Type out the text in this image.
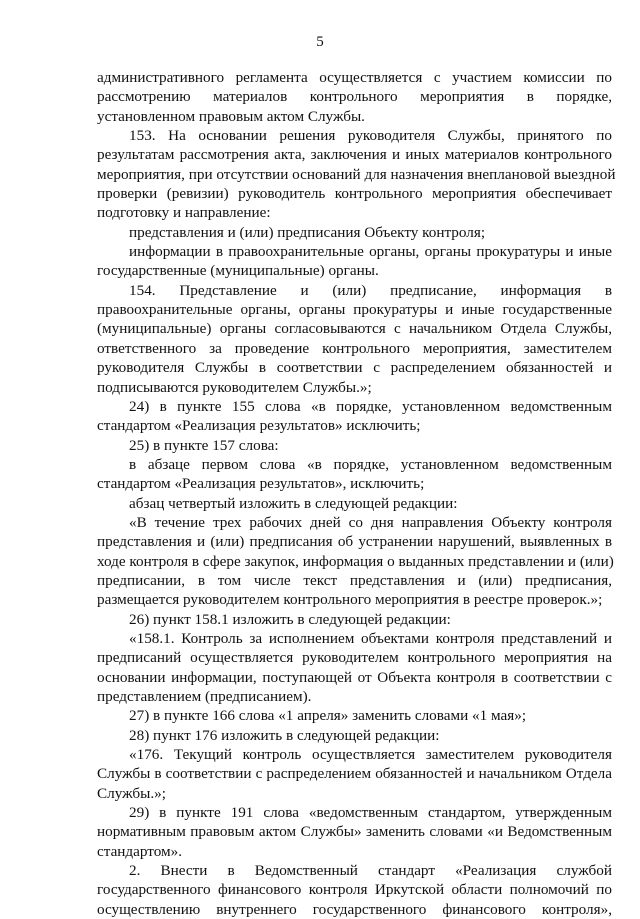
5
административного регламента осуществляется с участием комиссии по
рассмотрению материалов контрольного мероприятия в порядке,
установленном правовым актом Службы.
153. На основании решения руководителя Службы, принятого по
результатам рассмотрения акта, заключения и иных материалов контрольного
мероприятия, при отсутствии оснований для назначения внеплановой выездной
проверки (ревизии) руководитель контрольного мероприятия обеспечивает
подготовку и направление:
представления и (или) предписания Объекту контроля;
информации в правоохранительные органы, органы прокуратуры и иные
государственные (муниципальные) органы.
154. Представление и (или) предписание, информация в
правоохранительные органы, органы прокуратуры и иные государственные
(муниципальные) органы согласовываются с начальником Отдела Службы,
ответственного за проведение контрольного мероприятия, заместителем
руководителя Службы в соответствии с распределением обязанностей и
подписываются руководителем Службы.»;
24) в пункте 155 слова «в порядке, установленном ведомственным
стандартом «Реализация результатов» исключить;
25) в пункте 157 слова:
в абзаце первом слова «в порядке, установленном ведомственным
стандартом «Реализация результатов», исключить;
абзац четвертый изложить в следующей редакции:
«В течение трех рабочих дней со дня направления Объекту контроля
представления и (или) предписания об устранении нарушений, выявленных в
ходе контроля в сфере закупок, информация о выданных представлении и (или)
предписании, в том числе текст представления и (или) предписания,
размещается руководителем контрольного мероприятия в реестре проверок.»;
26) пункт 158.1 изложить в следующей редакции:
«158.1. Контроль за исполнением объектами контроля представлений и
предписаний осуществляется руководителем контрольного мероприятия на
основании информации, поступающей от Объекта контроля в соответствии с
представлением (предписанием).
27) в пункте 166 слова «1 апреля» заменить словами «1 мая»;
28) пункт 176 изложить в следующей редакции:
«176. Текущий контроль осуществляется заместителем руководителя
Службы в соответствии с распределением обязанностей и начальником Отдела
Службы.»;
29) в пункте 191 слова «ведомственным стандартом, утвержденным
нормативным правовым актом Службы» заменить словами «и Ведомственным
стандартом».
2. Внести в Ведомственный стандарт «Реализация службой
государственного финансового контроля Иркутской области полномочий по
осуществлению внутреннего государственного финансового контроля»,
